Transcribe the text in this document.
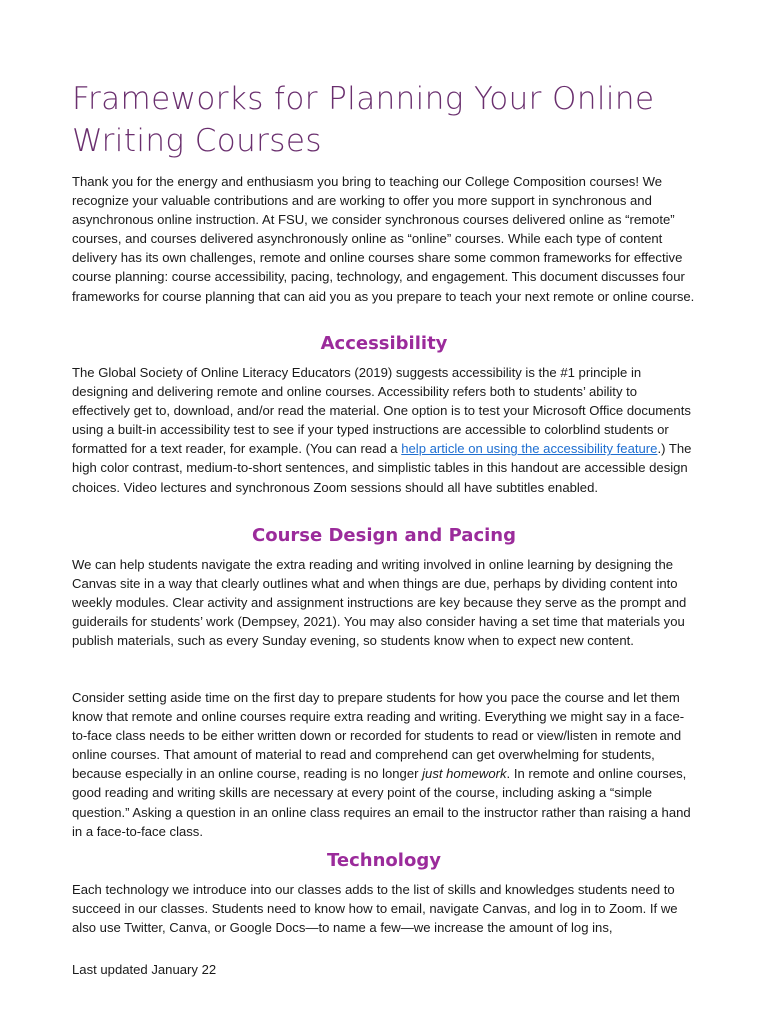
Frameworks for Planning Your Online Writing Courses

Thank you for the energy and enthusiasm you bring to teaching our College Composition courses! We recognize your valuable contributions and are working to offer you more support in synchronous and asynchronous online instruction. At FSU, we consider synchronous courses delivered online as “remote” courses, and courses delivered asynchronously online as “online” courses. While each type of content delivery has its own challenges, remote and online courses share some common frameworks for effective course planning: course accessibility, pacing, technology, and engagement. This document discusses four frameworks for course planning that can aid you as you prepare to teach your next remote or online course.

Accessibility

The Global Society of Online Literacy Educators (2019) suggests accessibility is the #1 principle in designing and delivering remote and online courses. Accessibility refers both to students’ ability to effectively get to, download, and/or read the material. One option is to test your Microsoft Office documents using a built-in accessibility test to see if your typed instructions are accessible to colorblind students or formatted for a text reader, for example. (You can read a help article on using the accessibility feature.) The high color contrast, medium-to-short sentences, and simplistic tables in this handout are accessible design choices. Video lectures and synchronous Zoom sessions should all have subtitles enabled.

Course Design and Pacing

We can help students navigate the extra reading and writing involved in online learning by designing the Canvas site in a way that clearly outlines what and when things are due, perhaps by dividing content into weekly modules. Clear activity and assignment instructions are key because they serve as the prompt and guiderails for students’ work (Dempsey, 2021). You may also consider having a set time that materials you publish materials, such as every Sunday evening, so students know when to expect new content.

Consider setting aside time on the first day to prepare students for how you pace the course and let them know that remote and online courses require extra reading and writing. Everything we might say in a face-to-face class needs to be either written down or recorded for students to read or view/listen in remote and online courses. That amount of material to read and comprehend can get overwhelming for students, because especially in an online course, reading is no longer just homework. In remote and online courses, good reading and writing skills are necessary at every point of the course, including asking a “simple question.” Asking a question in an online class requires an email to the instructor rather than raising a hand in a face-to-face class.

Technology

Each technology we introduce into our classes adds to the list of skills and knowledges students need to succeed in our classes. Students need to know how to email, navigate Canvas, and log in to Zoom. If we also use Twitter, Canva, or Google Docs—to name a few—we increase the amount of log ins,

Last updated January 22
